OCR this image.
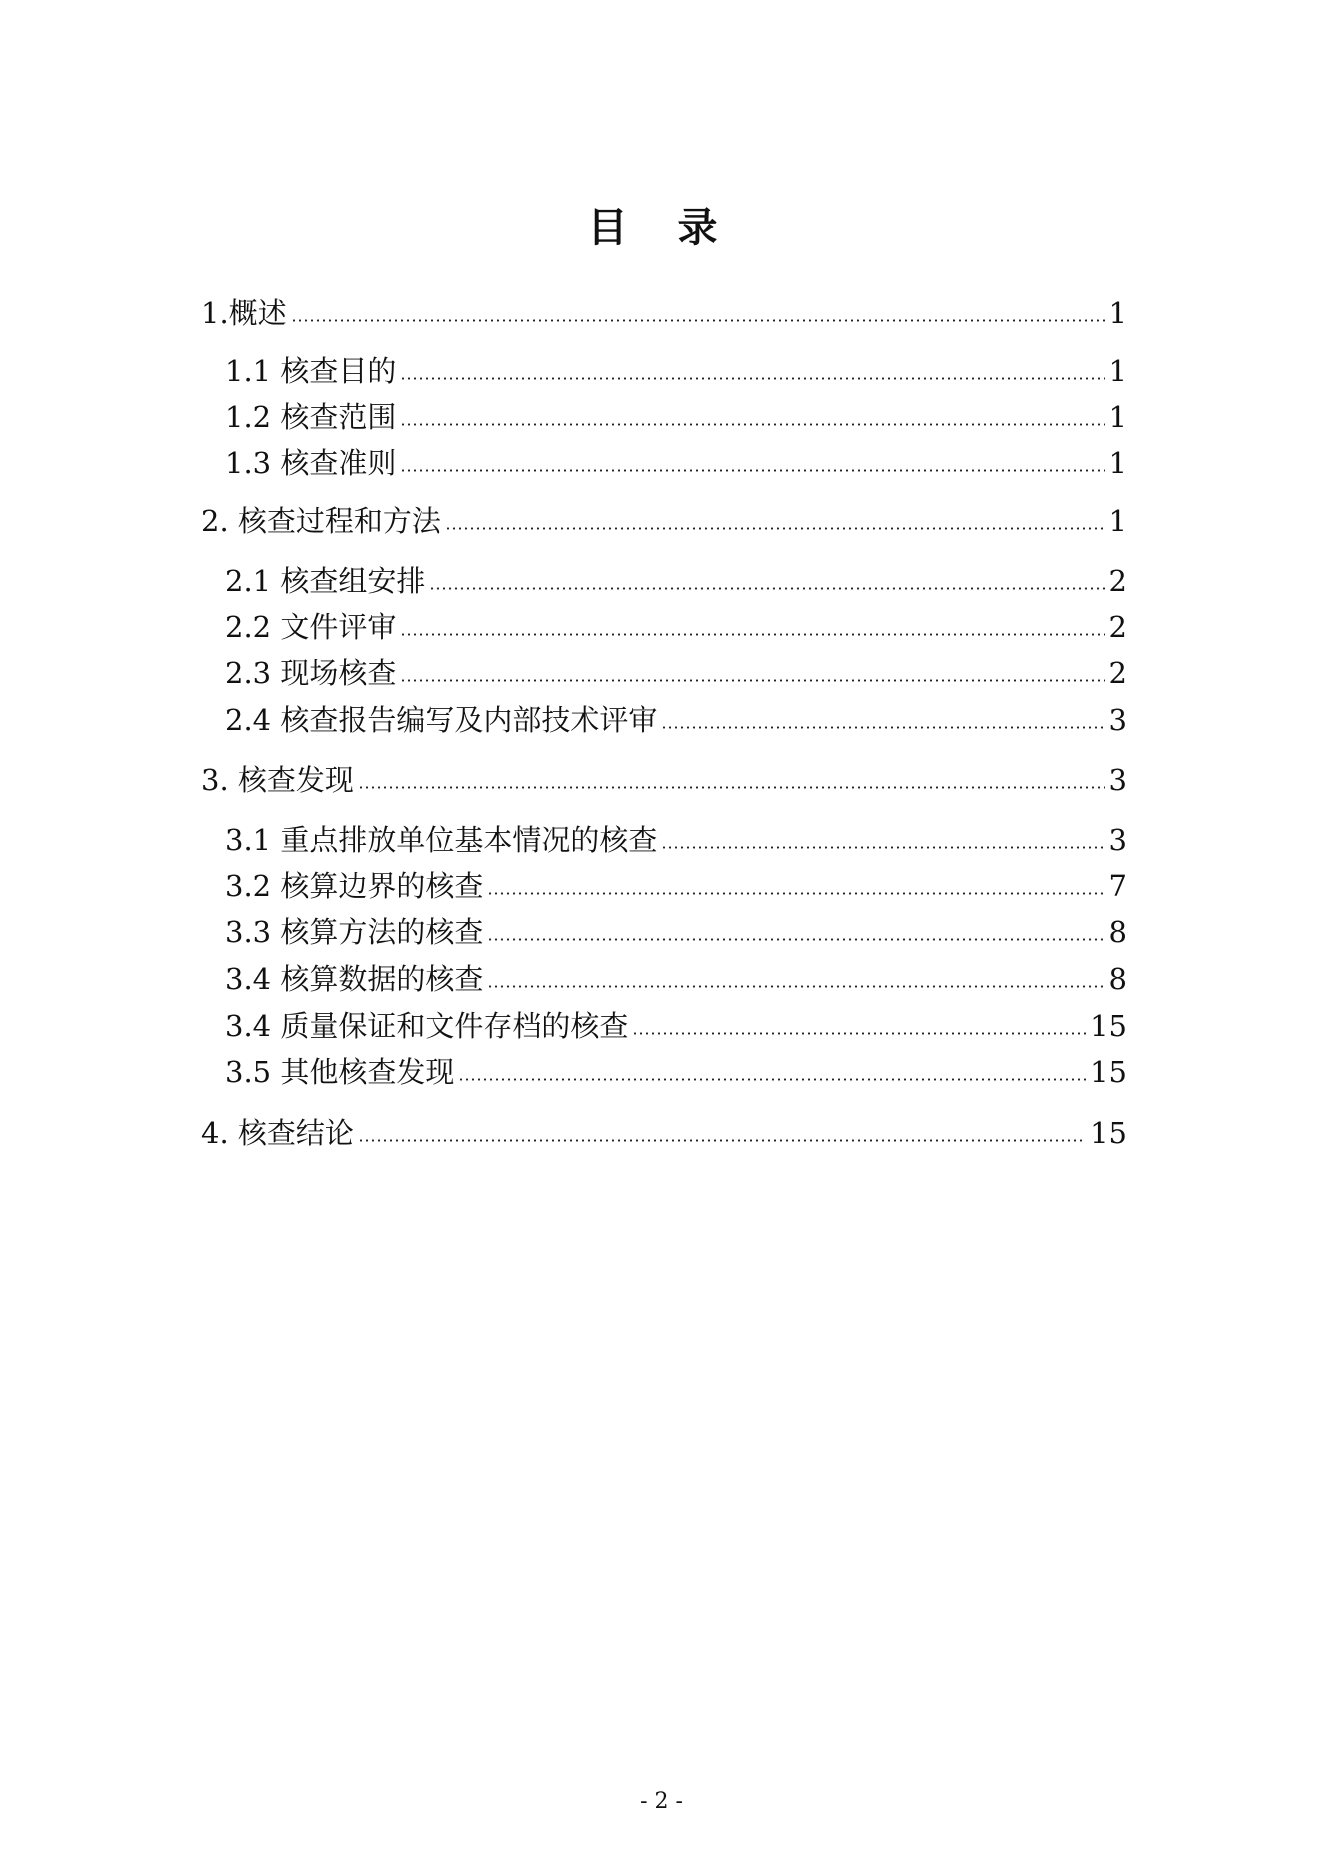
目 录
1.概述	1
1.1 核查目的	1
1.2 核查范围	1
1.3 核查准则	1
2. 核查过程和方法	1
2.1 核查组安排	2
2.2 文件评审	2
2.3 现场核查	2
2.4 核查报告编写及内部技术评审	3
3. 核查发现	3
3.1 重点排放单位基本情况的核查	3
3.2 核算边界的核查	7
3.3 核算方法的核查	8
3.4 核算数据的核查	8
3.4 质量保证和文件存档的核查	15
3.5 其他核查发现	15
4. 核查结论	15
- 2 -
